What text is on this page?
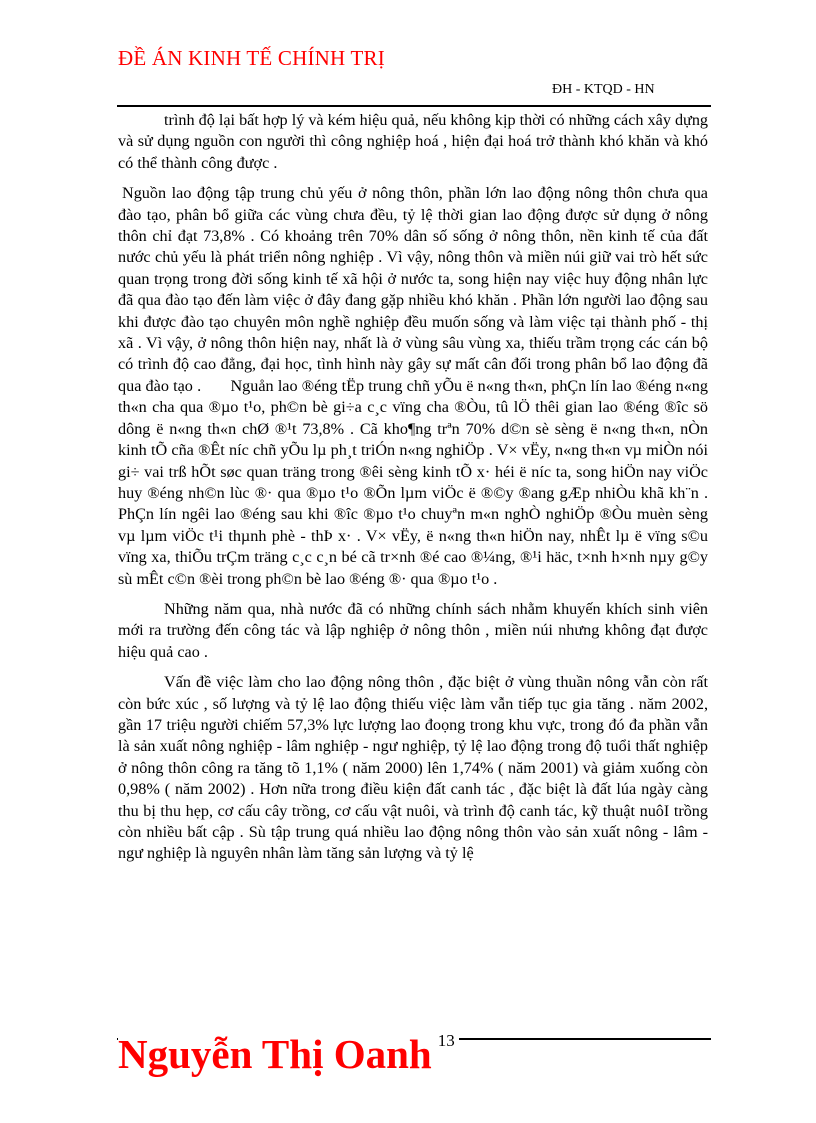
ĐỀ ÁN KINH TẾ CHÍNH TRỊ
ĐH - KTQD - HN

trình độ lại bất hợp lý và kém hiệu quả, nếu không kịp thời có những cách xây dựng và sử dụng nguồn con người thì công nghiệp hoá , hiện đại hoá trở thành khó khăn và khó có thể thành công được .

Nguồn lao động tập trung chủ yếu ở nông thôn, phần lớn lao động nông thôn chưa qua đào tạo, phân bổ giữa các vùng chưa đều, tỷ lệ thời gian lao động được sử dụng ở nông thôn chỉ đạt 73,8% . Có khoảng trên 70% dân số sống ở nông thôn, nền kinh tế của đất nước chủ yếu là phát triển nông nghiệp . Vì vậy, nông thôn và miền núi giữ vai trò hết sức quan trọng trong đời sống kinh tế xã hội ở nước ta, song hiện nay việc huy động nhân lực đã qua đào tạo đến làm việc ở đây đang gặp nhiều khó khăn . Phần lớn người lao động sau khi được đào tạo chuyên môn nghề nghiệp đều muốn sống và làm việc tại thành phố - thị xã . Vì vậy, ở nông thôn hiện nay, nhất là ở vùng sâu vùng xa, thiếu trầm trọng các cán bộ có trình độ cao đẳng, đại học, tình hình này gây sự mất cân đối trong phân bổ lao động đã qua đào tạo . Nguån lao ®éng tËp trung chñ yÕu ë n«ng th«n, phÇn lín lao ®éng n«ng th«n cha qua ®µo t¹o, ph©n bè gi÷a c¸c vïng cha ®Òu, tû lÖ thêi gian lao ®éng ®îc sö dông ë n«ng th«n chØ ®¹t 73,8% . Cã kho¶ng trªn 70% d©n sè sèng ë n«ng th«n, nÒn kinh tÕ cña ®Êt níc chñ yÕu lµ ph¸t triÓn n«ng nghiÖp . V× vËy, n«ng th«n vµ miÒn nói gi÷ vai trß hÕt søc quan träng trong ®êi sèng kinh tÕ x· héi ë níc ta, song hiÖn nay viÖc huy ®éng nh©n lùc ®· qua ®µo t¹o ®Õn lµm viÖc ë ®©y ®ang gÆp nhiÒu khã kh¨n . PhÇn lín ngêi lao ®éng sau khi ®îc ®µo t¹o chuyªn m«n nghÒ nghiÖp ®Òu muèn sèng vµ lµm viÖc t¹i thµnh phè - thÞ x· . V× vËy, ë n«ng th«n hiÖn nay, nhÊt lµ ë vïng s©u vïng xa, thiÕu trÇm träng c¸c c¸n bé cã tr×nh ®é cao ®¼ng, ®¹i häc, t×nh h×nh nµy g©y sù mÊt c©n ®èi trong ph©n bè lao ®éng ®· qua ®µo t¹o .

Những năm qua, nhà nước đã có những chính sách nhằm khuyến khích sinh viên mới ra trường đến công tác và lập nghiệp ở nông thôn , miền núi nhưng không đạt được hiệu quả cao .

Vấn đề việc làm cho lao động nông thôn , đặc biệt ở vùng thuần nông vẫn còn rất còn bức xúc , số lượng và tỷ lệ lao động thiếu việc làm vẫn tiếp tục gia tăng . năm 2002, gần 17 triệu người chiếm 57,3% lực lượng lao đoọng trong khu vực, trong đó đa phần vẫn là sản xuất nông nghiệp - lâm nghiệp - ngư nghiệp, tỷ lệ lao động trong độ tuổi thất nghiệp ở nông thôn công ra tăng tõ 1,1% ( năm 2000) lên 1,74% ( năm 2001) và giảm xuống còn 0,98% ( năm 2002) . Hơn nữa trong điều kiện đất canh tác , đặc biệt là đất lúa ngày càng thu bị thu hẹp, cơ cấu cây trồng, cơ cấu vật nuôi, và trình độ canh tác, kỹ thuật nuôI trồng còn nhiều bất cập . Sù tập trung quá nhiều lao động nông thôn vào sản xuất nông - lâm - ngư nghiệp là nguyên nhân làm tăng sản lượng và tỷ lệ

Nguyễn Thị Oanh $^{13}$
